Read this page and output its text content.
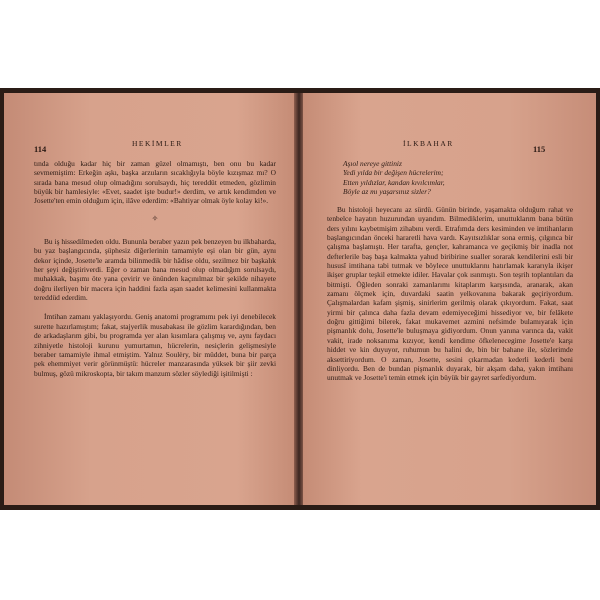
HEKİMLER
114

tında olduğu kadar hiç bir zaman güzel olmamıştı, ben onu bu kadar sevmemiştim: Erkeğin aşkı, başka arzuların sıcaklığıyla böyle kızışmaz mı? O sırada bana mesud olup olmadığını sorulsaydı, hiç tereddüt etmeden, gözlimin büyük bir hamlesiyle: «Evet, saadet işte budur!» derdim, ve artık kendimden ve Josette'ten emin olduğum için, ilâve ederdim: «Bahtiyar olmak öyle kolay ki!».

✧

Bu iş hissedilmeden oldu. Bununla beraber yazın pek benzeyen bu ilkbaharda, bu yaz başlangıcında, şüphesiz diğerlerinin tamamiyle eşi olan bir gün, aynı dekor içinde, Josette'le aramda bilinmedik bir hâdise oldu, sezilmez bir başkalık her şeyi değiştiriverdi. Eğer o zaman bana mesud olup olmadığım sorulsaydı, muhakkak, başımı öte yana çevirir ve önünden kaçınılmaz bir şekilde nihayete doğru ilerliyen bir macera için haddini fazla aşan saadet kelimesini kullanmakta tereddüd ederdim.

İmtihan zamanı yaklaşıyordu. Geniş anatomi programımı pek iyi denebilecek surette hazırlamıştım; fakat, stajyerlik musabakası ile gözlim karardığından, ben de arkadaşlarım gibi, bu programda yer alan kısımlara çalışmış ve, aynı faydacı zihniyetle histoloji kurunu yumurtamın, hücrelerin, nesiçlerin gelişmesiyle beraber tamamiyle ihmal etmiştim. Yalnız Soulèry, bir müddet, buna bir parça pek ehemmiyet verir görünmüştü: hücreler manzarasında yüksek bir şiir zevki bulmuş, gözü mikroskopta, bir takım manzum sözler söylediği işitilmişti :

İLKBAHAR
115
Aşıol nereye gittiniz
Yedi yılda bir değişen hücrelerim;
Etten yıldızlar, kandan kıvılcımlar,
Böyle az mı yaşarsınız sizler?

Bu histoloji heyecanı az sürdü. Günün birinde, yaşamakta olduğum rahat ve tenbelce hayatın huzurundan uyandım. Bilmediklerim, unuttuklarım bana bütün ders yılını kaybetmişim zihabını verdi. Etrafımda ders kesiminden ve imtihanların başlangıcından önceki hararetli hava vardı. Kayıtsızlıklar sona ermiş, çılgınca bir çalışma başlamıştı. Her tarafta, gençler, kahramanca ve geçikmiş bir inadla not defterlerile baş başa kalmakta yahud biribirine sualler sorarak kendilerini esli bir hususî imtihana tabi tutmak ve böylece unuttuklarını hatırlamak kararıyla ikişer ikişer gruplar teşkil etmekte idiler. Havalar çok ısınmıştı. Son teşrih toplantıları da bitmişti. Öğleden sonraki zamanlarımı kitaplarım karşısında, aranarak, akan zamanı ölçmek için, duvardaki saatin yelkovanına bakarak geçiriyordum. Çalışmalardan kafam şişmiş, sinirlerim gerilmiş olarak çıkıyordum. Fakat, saat yirmi bir çalınca daha fazla devam edemiyeceğimi hissediyor ve, bir felâkete doğru gittiğimi bilerek, fakat mukavemet azmini nefsimde bulamıyarak için pişmanlık dolu, Josette'le buluşmaya gidiyordum. Onun yanına varınca da, vakit vakit, irade noksanıma kızıyor, kendi kendime öfkelenecegime Josette'e karşı hiddet ve kin duyuyor, ruhumun bu halini de, bin bir bahane ile, sözlerimde aksettiriyordum. O zaman, Josette, sesini çıkarmadan kederli kederli beni dinliyordu. Ben de bundan pişmanlık duyarak, bir akşam daha, yakın imtihanı unutmak ve Josette'i temin etmek için büyük bir gayret sarfediyordum.
